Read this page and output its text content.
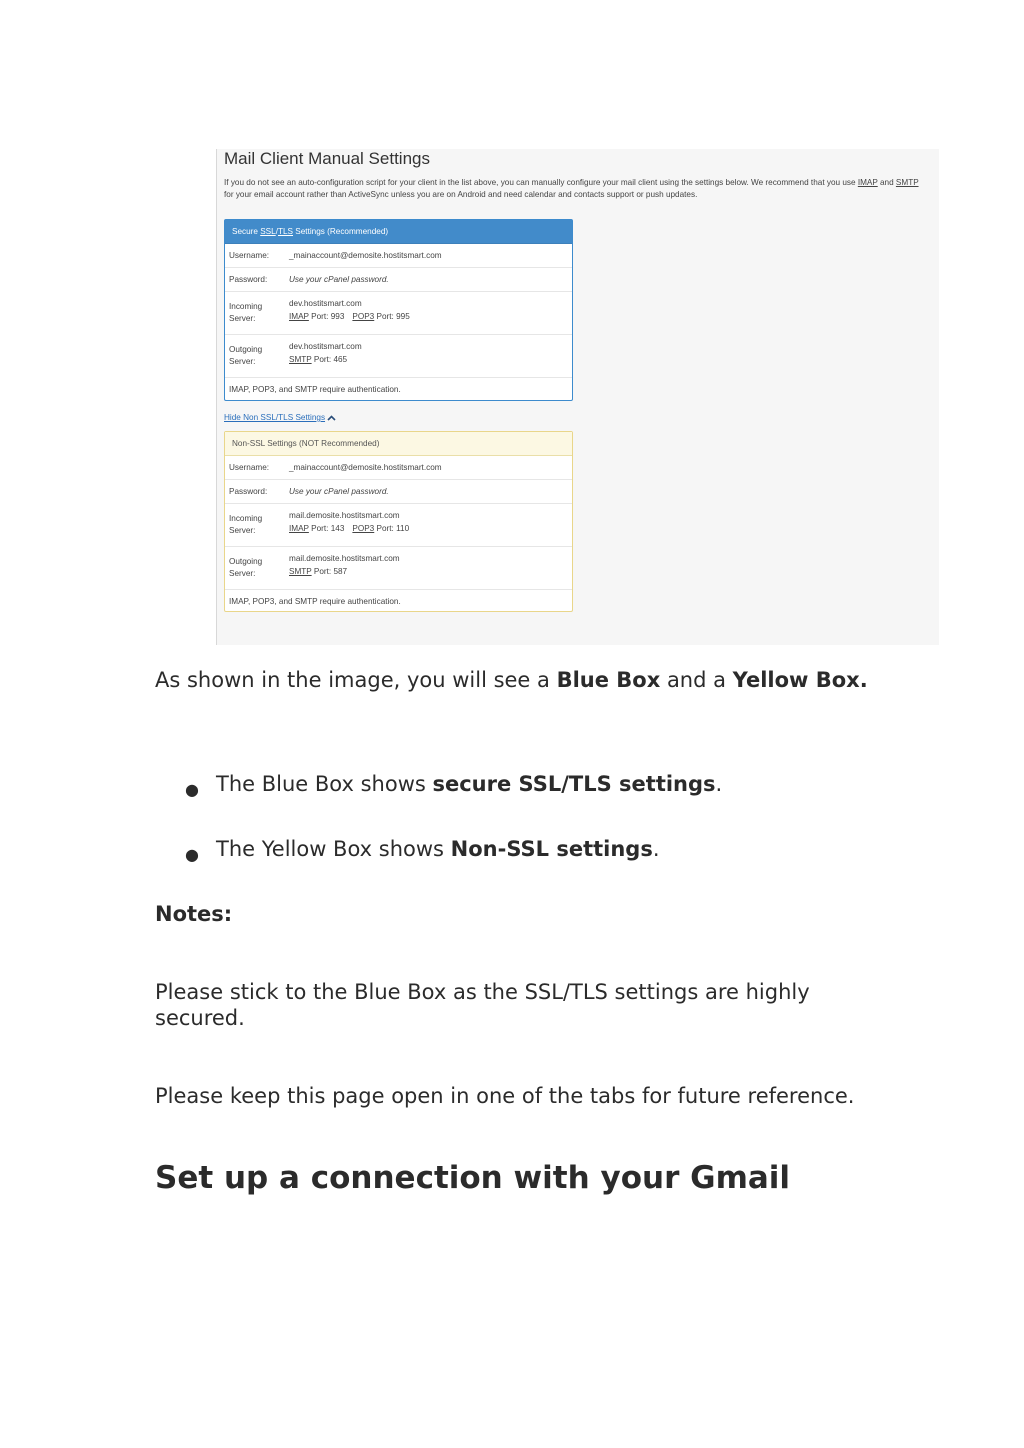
Mail Client Manual Settings
If you do not see an auto-configuration script for your client in the list above, you can manually configure your mail client using the settings below. We recommend that you use IMAP and SMTP for your email account rather than ActiveSync unless you are on Android and need calendar and contacts support or push updates.
Secure SSL/TLS Settings (Recommended)
Username: _mainaccount@demosite.hostitsmart.com
Password:	Use your cPanel password.
Incoming Server:
dev.hostitsmart.com
IMAP Port: 993 POP3 Port: 995
Outgoing Server:
dev.hostitsmart.com
SMTP Port: 465
IMAP, POP3, and SMTP require authentication.
Hide Non SSL/TLS Settings
Non-SSL Settings (NOT Recommended)
Username: _mainaccount@demosite.hostitsmart.com
Password:	Use your cPanel password.
Incoming Server:
mail.demosite.hostitsmart.com
IMAP Port: 143 POP3 Port: 110
Outgoing Server:
mail.demosite.hostitsmart.com
SMTP Port: 587
IMAP, POP3, and SMTP require authentication.
As shown in the image, you will see a Blue Box and a Yellow Box.
● The Blue Box shows secure SSL/TLS settings.
● The Yellow Box shows Non-SSL settings.
Notes:
Please stick to the Blue Box as the SSL/TLS settings are highly secured.
Please keep this page open in one of the tabs for future reference.
Set up a connection with your Gmail
